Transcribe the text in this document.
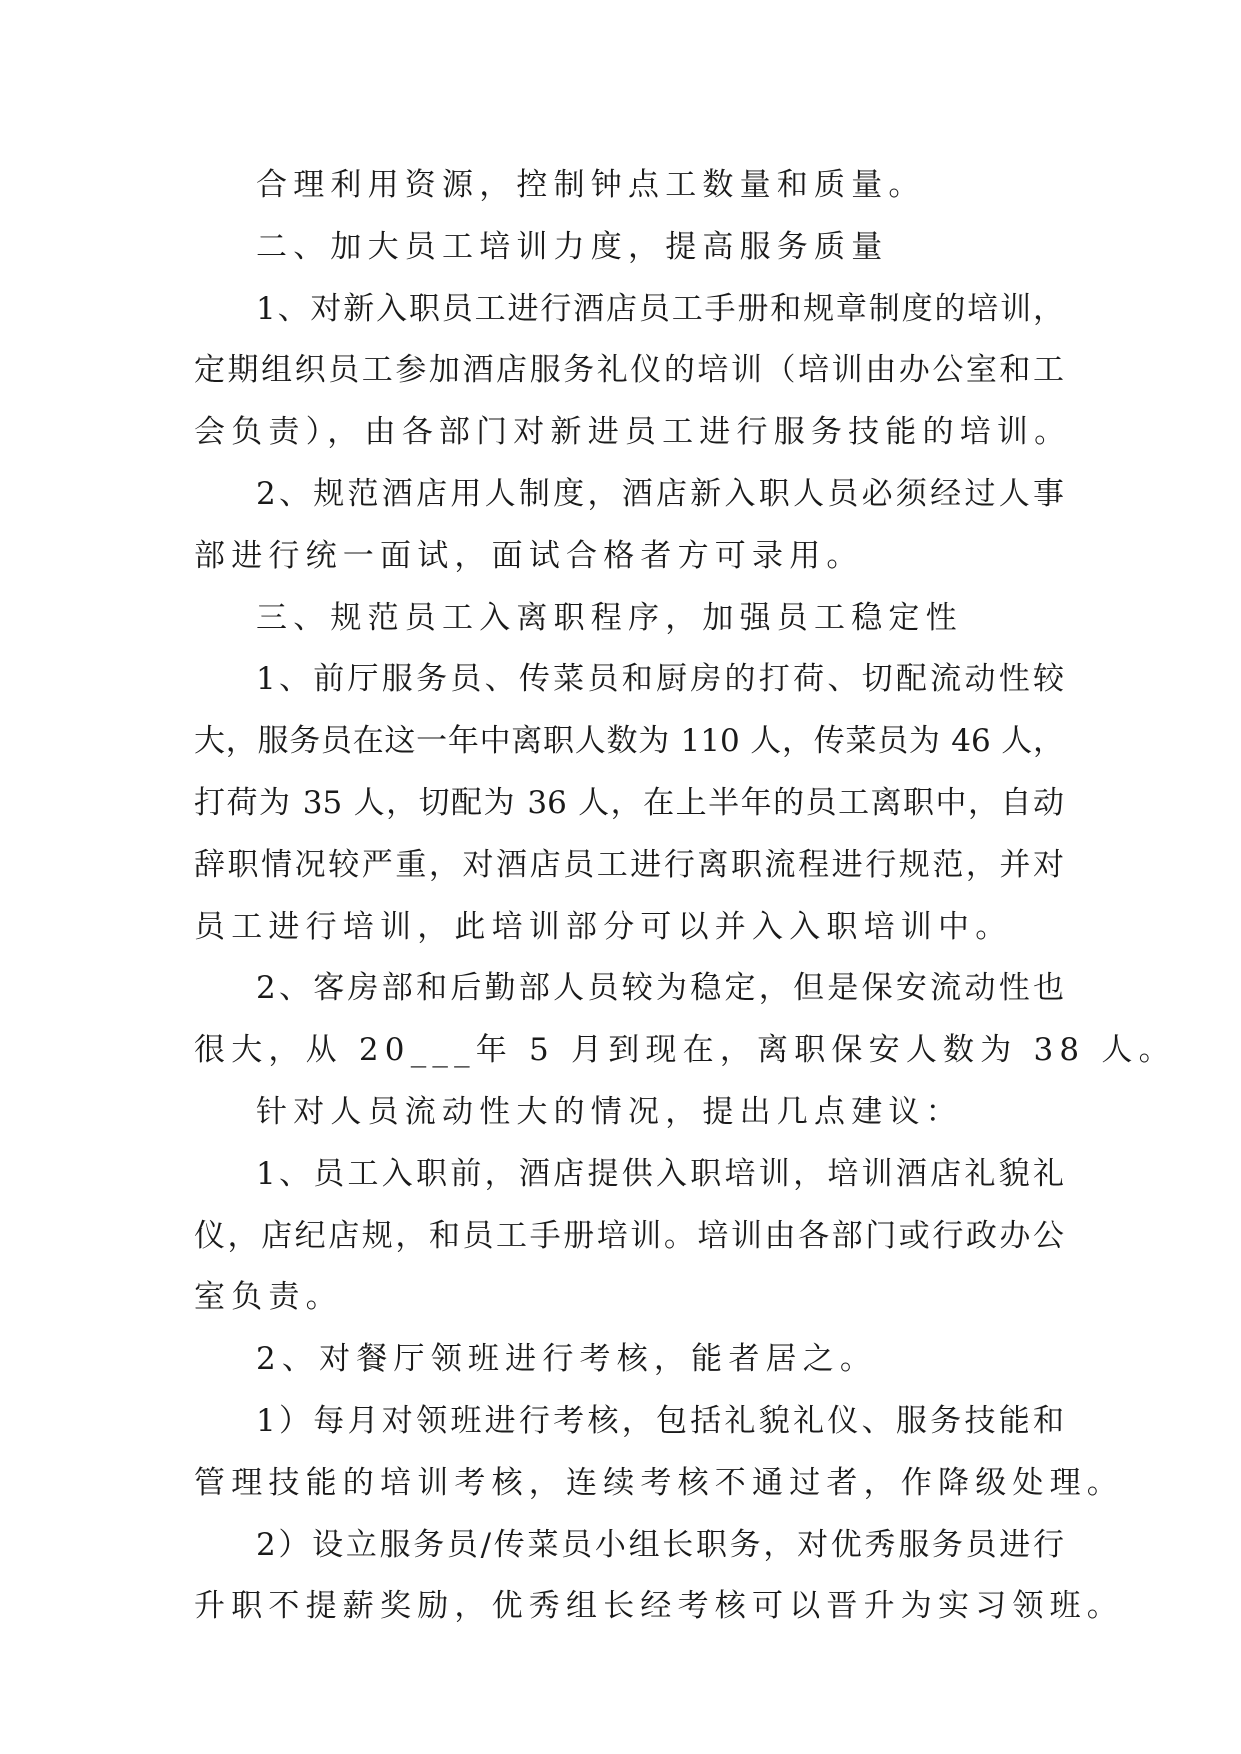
合理利用资源，控制钟点工数量和质量。
二、加大员工培训力度，提高服务质量
1、对新入职员工进行酒店员工手册和规章制度的培训，
定期组织员工参加酒店服务礼仪的培训（培训由办公室和工
会负责），由各部门对新进员工进行服务技能的培训。
2、规范酒店用人制度，酒店新入职人员必须经过人事
部进行统一面试，面试合格者方可录用。
三、规范员工入离职程序，加强员工稳定性
1、前厅服务员、传菜员和厨房的打荷、切配流动性较
大，服务员在这一年中离职人数为 110 人，传菜员为 46 人，
打荷为 35 人，切配为 36 人，在上半年的员工离职中，自动
辞职情况较严重，对酒店员工进行离职流程进行规范，并对
员工进行培训，此培训部分可以并入入职培训中。
2、客房部和后勤部人员较为稳定，但是保安流动性也
很大，从 20___年 5 月到现在，离职保安人数为 38 人。
针对人员流动性大的情况，提出几点建议：
1、员工入职前，酒店提供入职培训，培训酒店礼貌礼
仪，店纪店规，和员工手册培训。培训由各部门或行政办公
室负责。
2、对餐厅领班进行考核，能者居之。
1）每月对领班进行考核，包括礼貌礼仪、服务技能和
管理技能的培训考核，连续考核不通过者，作降级处理。
2）设立服务员/传菜员小组长职务，对优秀服务员进行
升职不提薪奖励，优秀组长经考核可以晋升为实习领班。
